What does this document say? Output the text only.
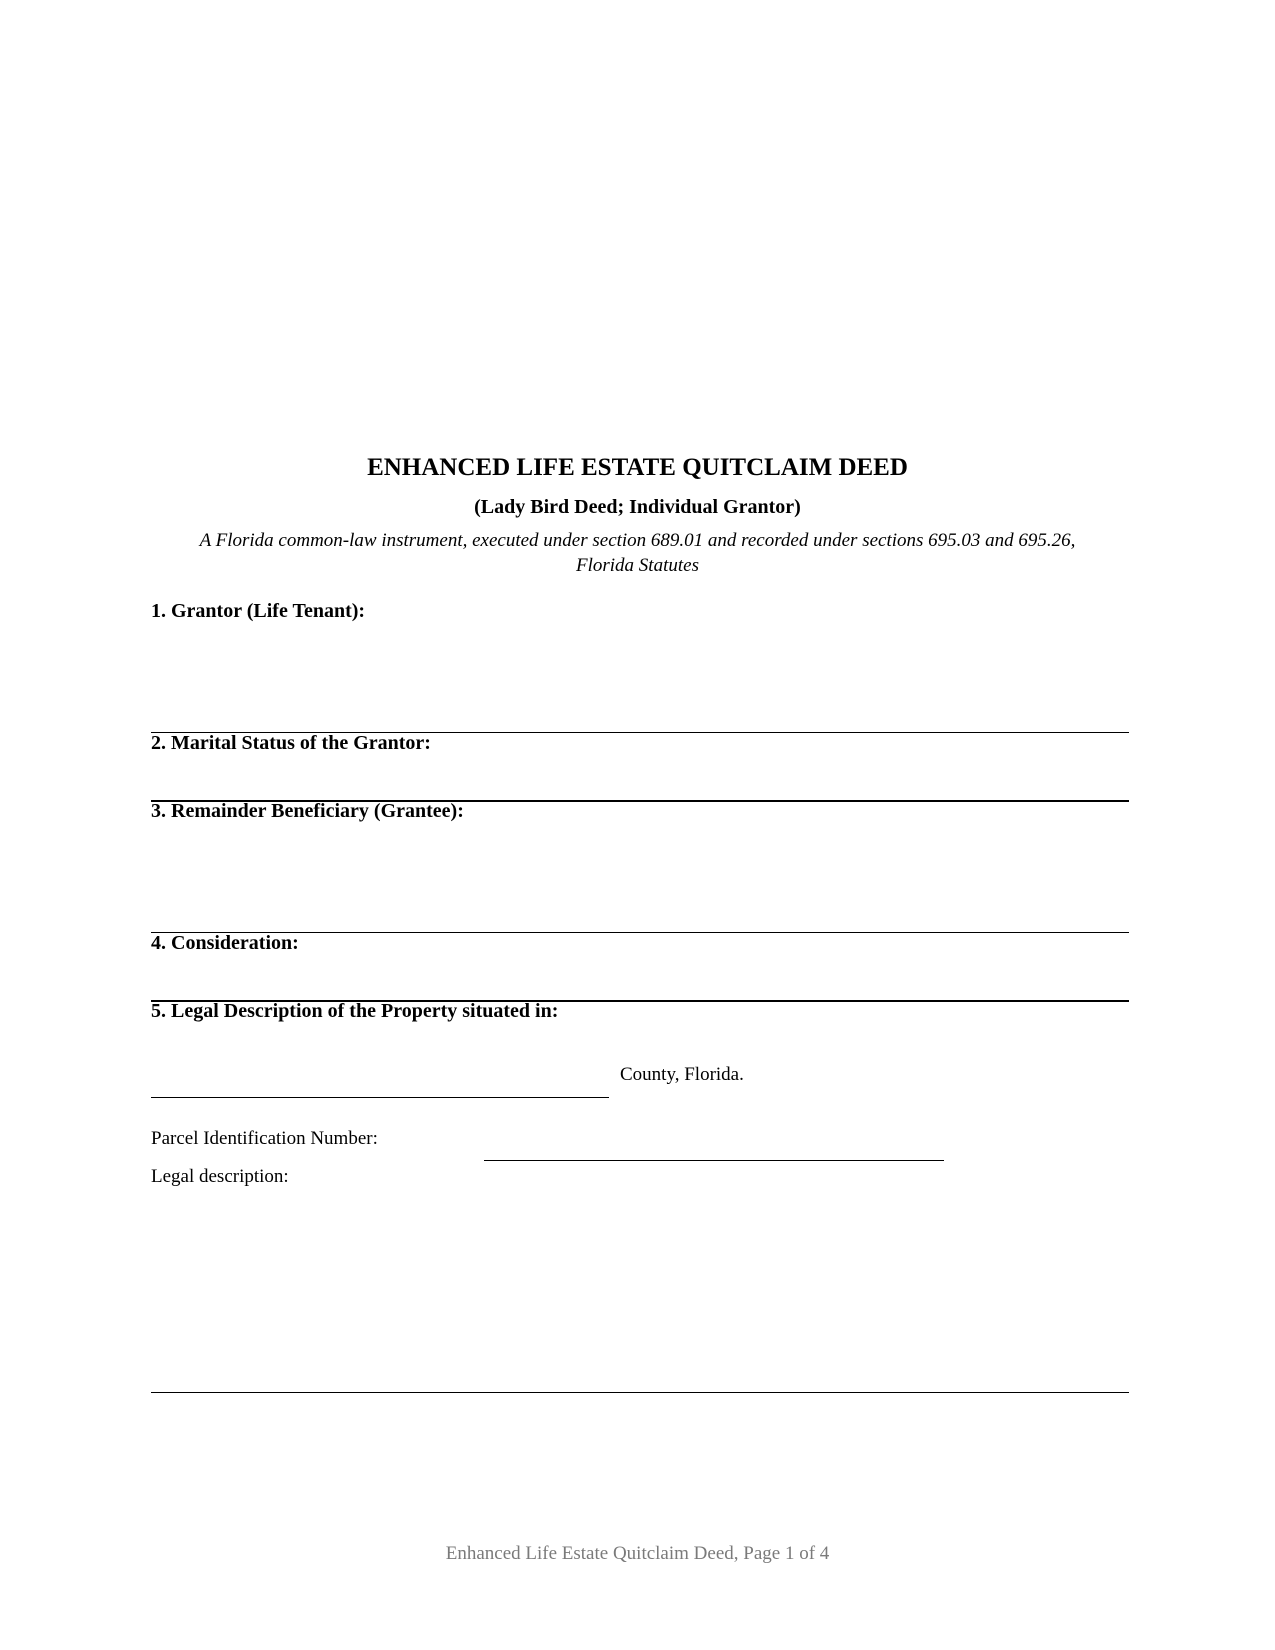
ENHANCED LIFE ESTATE QUITCLAIM DEED
(Lady Bird Deed; Individual Grantor)
A Florida common-law instrument, executed under section 689.01 and recorded under sections 695.03 and 695.26,
Florida Statutes
1. Grantor (Life Tenant):
2. Marital Status of the Grantor:
3. Remainder Beneficiary (Grantee):
4. Consideration:
5. Legal Description of the Property situated in:
County, Florida.
Parcel Identification Number:
Legal description:
Enhanced Life Estate Quitclaim Deed, Page 1 of 4
